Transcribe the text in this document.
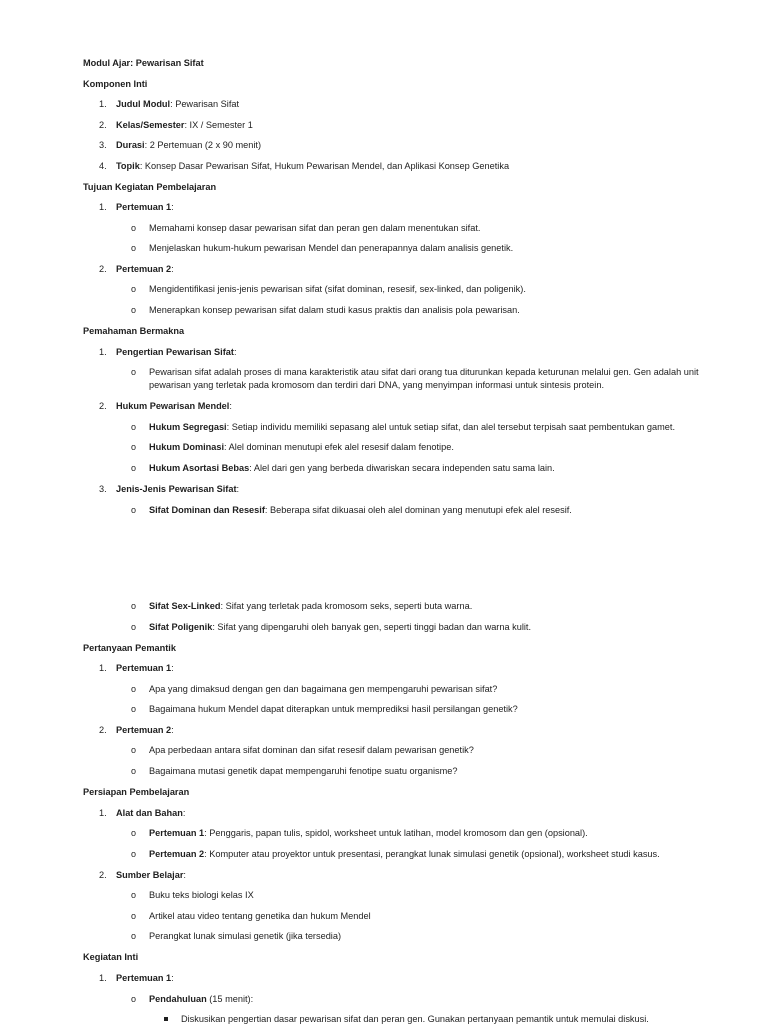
Modul Ajar: Pewarisan Sifat
Komponen Inti
1.	Judul Modul: Pewarisan Sifat
2.	Kelas/Semester: IX / Semester 1
3.	Durasi: 2 Pertemuan (2 x 90 menit)
4.	Topik: Konsep Dasar Pewarisan Sifat, Hukum Pewarisan Mendel, dan Aplikasi Konsep Genetika
Tujuan Kegiatan Pembelajaran
1.	Pertemuan 1:
o	Memahami konsep dasar pewarisan sifat dan peran gen dalam menentukan sifat.
o	Menjelaskan hukum-hukum pewarisan Mendel dan penerapannya dalam analisis genetik.
2.	Pertemuan 2:
o	Mengidentifikasi jenis-jenis pewarisan sifat (sifat dominan, resesif, sex-linked, dan poligenik).
o	Menerapkan konsep pewarisan sifat dalam studi kasus praktis dan analisis pola pewarisan.
Pemahaman Bermakna
1.	Pengertian Pewarisan Sifat:
o	Pewarisan sifat adalah proses di mana karakteristik atau sifat dari orang tua diturunkan kepada keturunan melalui gen. Gen adalah unit
pewarisan yang terletak pada kromosom dan terdiri dari DNA, yang menyimpan informasi untuk sintesis protein.
2.	Hukum Pewarisan Mendel:
o	Hukum Segregasi: Setiap individu memiliki sepasang alel untuk setiap sifat, dan alel tersebut terpisah saat pembentukan gamet.
o	Hukum Dominasi: Alel dominan menutupi efek alel resesif dalam fenotipe.
o	Hukum Asortasi Bebas: Alel dari gen yang berbeda diwariskan secara independen satu sama lain.
3.	Jenis-Jenis Pewarisan Sifat:
o	Sifat Dominan dan Resesif: Beberapa sifat dikuasai oleh alel dominan yang menutupi efek alel resesif.
o	Sifat Sex-Linked: Sifat yang terletak pada kromosom seks, seperti buta warna.
o	Sifat Poligenik: Sifat yang dipengaruhi oleh banyak gen, seperti tinggi badan dan warna kulit.
Pertanyaan Pemantik
1.	Pertemuan 1:
o	Apa yang dimaksud dengan gen dan bagaimana gen mempengaruhi pewarisan sifat?
o	Bagaimana hukum Mendel dapat diterapkan untuk memprediksi hasil persilangan genetik?
2.	Pertemuan 2:
o	Apa perbedaan antara sifat dominan dan sifat resesif dalam pewarisan genetik?
o	Bagaimana mutasi genetik dapat mempengaruhi fenotipe suatu organisme?
Persiapan Pembelajaran
1.	Alat dan Bahan:
o	Pertemuan 1: Penggaris, papan tulis, spidol, worksheet untuk latihan, model kromosom dan gen (opsional).
o	Pertemuan 2: Komputer atau proyektor untuk presentasi, perangkat lunak simulasi genetik (opsional), worksheet studi kasus.
2.	Sumber Belajar:
o	Buku teks biologi kelas IX
o	Artikel atau video tentang genetika dan hukum Mendel
o	Perangkat lunak simulasi genetik (jika tersedia)
Kegiatan Inti
1.	Pertemuan 1:
o	Pendahuluan (15 menit):
Diskusikan pengertian dasar pewarisan sifat dan peran gen. Gunakan pertanyaan pemantik untuk memulai diskusi.
